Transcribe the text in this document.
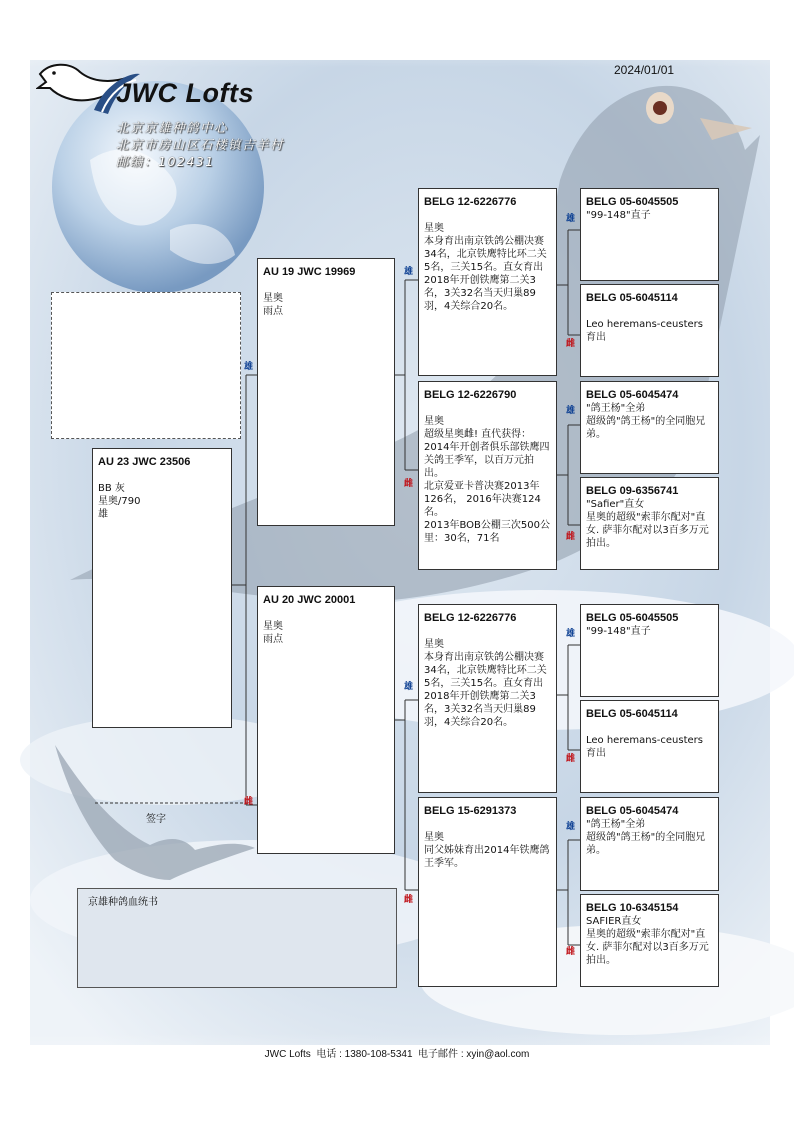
JWC Lofts
2024/01/01
北京京雄种鸽中心
北京市房山区石楼镇吉羊村
邮编：102431
雄
雌
雄
雌
雄
雌
雄
雌
雄
雌
雄
雌
雄
雌
AU 23 JWC 23506
BB 灰
星奥/790
雄
AU 19 JWC 19969
星奥
雨点
AU 20 JWC 20001
星奥
雨点
BELG 12-6226776
星奥
本身育出南京铁鸽公棚决赛34名，北京铁鹰特比环二关5名，三关15名。直女育出2018年开创铁鹰第二关3名，3关32名当天归巢89羽，4关综合20名。
BELG 12-6226790
星奥
超级星奥雌! 直代获得：2014年开创者俱乐部铁鹰四关鸽王季军，以百万元拍出。
北京爱亚卡普决赛2013年126名， 2016年决赛124名。
2013年BOB公棚三次500公里：30名，71名
BELG 12-6226776
星奥
本身育出南京铁鸽公棚决赛34名，北京铁鹰特比环二关5名，三关15名。直女育出2018年开创铁鹰第二关3名，3关32名当天归巢89羽，4关综合20名。
BELG 15-6291373
星奥
同父姊妹育出2014年铁鹰鸽王季军。
BELG 05-6045505
"99-148"直子
BELG 05-6045114
Leo heremans-ceusters 育出
BELG 05-6045474
"鸽王杨"全弟
超级鸽"鸽王杨"的全同胞兄弟。
BELG 09-6356741
"Safier"直女
星奥的超级"索菲尔配对"直女. 萨菲尔配对以3百多万元拍出。
BELG 05-6045505
"99-148"直子
BELG 05-6045114
Leo heremans-ceusters 育出
BELG 05-6045474
"鸽王杨"全弟
超级鸽"鸽王杨"的全同胞兄弟。
BELG 10-6345154
SAFIER直女
星奥的超级"索菲尔配对"直女. 萨菲尔配对以3百多万元拍出。
签字
京雄种鸽血统书
JWC Lofts  电话 : 1380-108-5341  电子邮件 : xyin@aol.com
